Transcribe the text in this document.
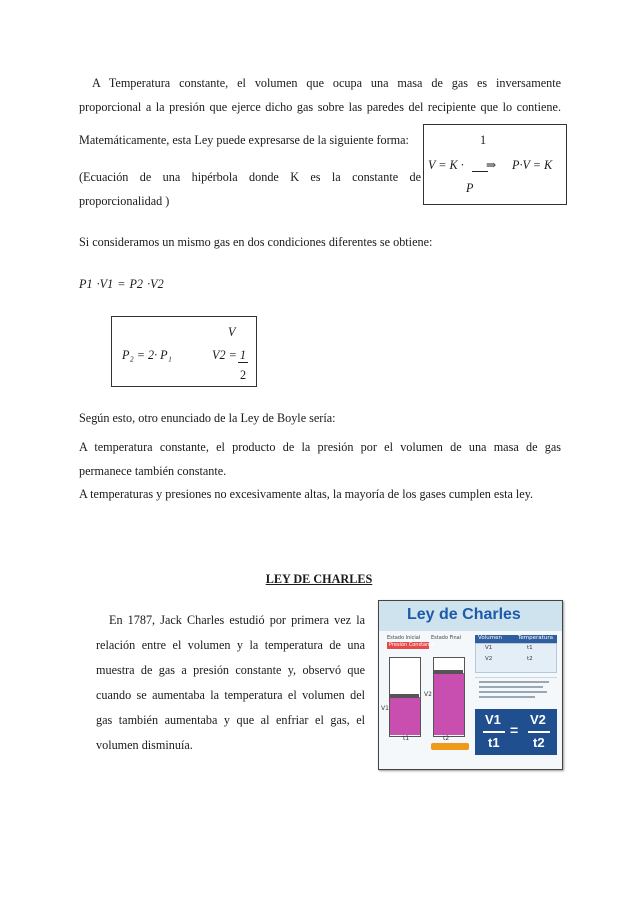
A Temperatura constante, el volumen que ocupa una masa de gas es inversamente
proporcional a la presión que ejerce dicho gas sobre las paredes del recipiente que lo contiene.
Matemáticamente, esta Ley puede expresarse de la siguiente forma:	1
V = K · ⇒ P·V = K
P
(Ecuación de una hipérbola donde K es la constante de
proporcionalidad )
Si consideramos un mismo gas en dos condiciones diferentes se obtiene:
P1 ·V1 = P2 ·V2
V
P₂ = 2· P₁	V2 = 1
2
Según esto, otro enunciado de la Ley de Boyle sería:
A temperatura constante, el producto de la presión por el volumen de una masa de gas
permanece también constante.
A temperaturas y presiones no excesivamente altas, la mayoría de los gases cumplen esta ley.
LEY DE CHARLES
En 1787, Jack Charles estudió por primera vez la
relación entre el volumen y la temperatura de una
muestra de gas a presión constante y, observó que
cuando se aumentaba la temperatura el volumen del
gas también aumentaba y que al enfriar el gas, el
volumen disminuía.
Ley de Charles
Estado Inicial Estado Final
Presión Constante
t1
V1
t2
V2
Volumen	Temperatura
V1	t1
V2	t2
V1
t1
=
V2
t2
